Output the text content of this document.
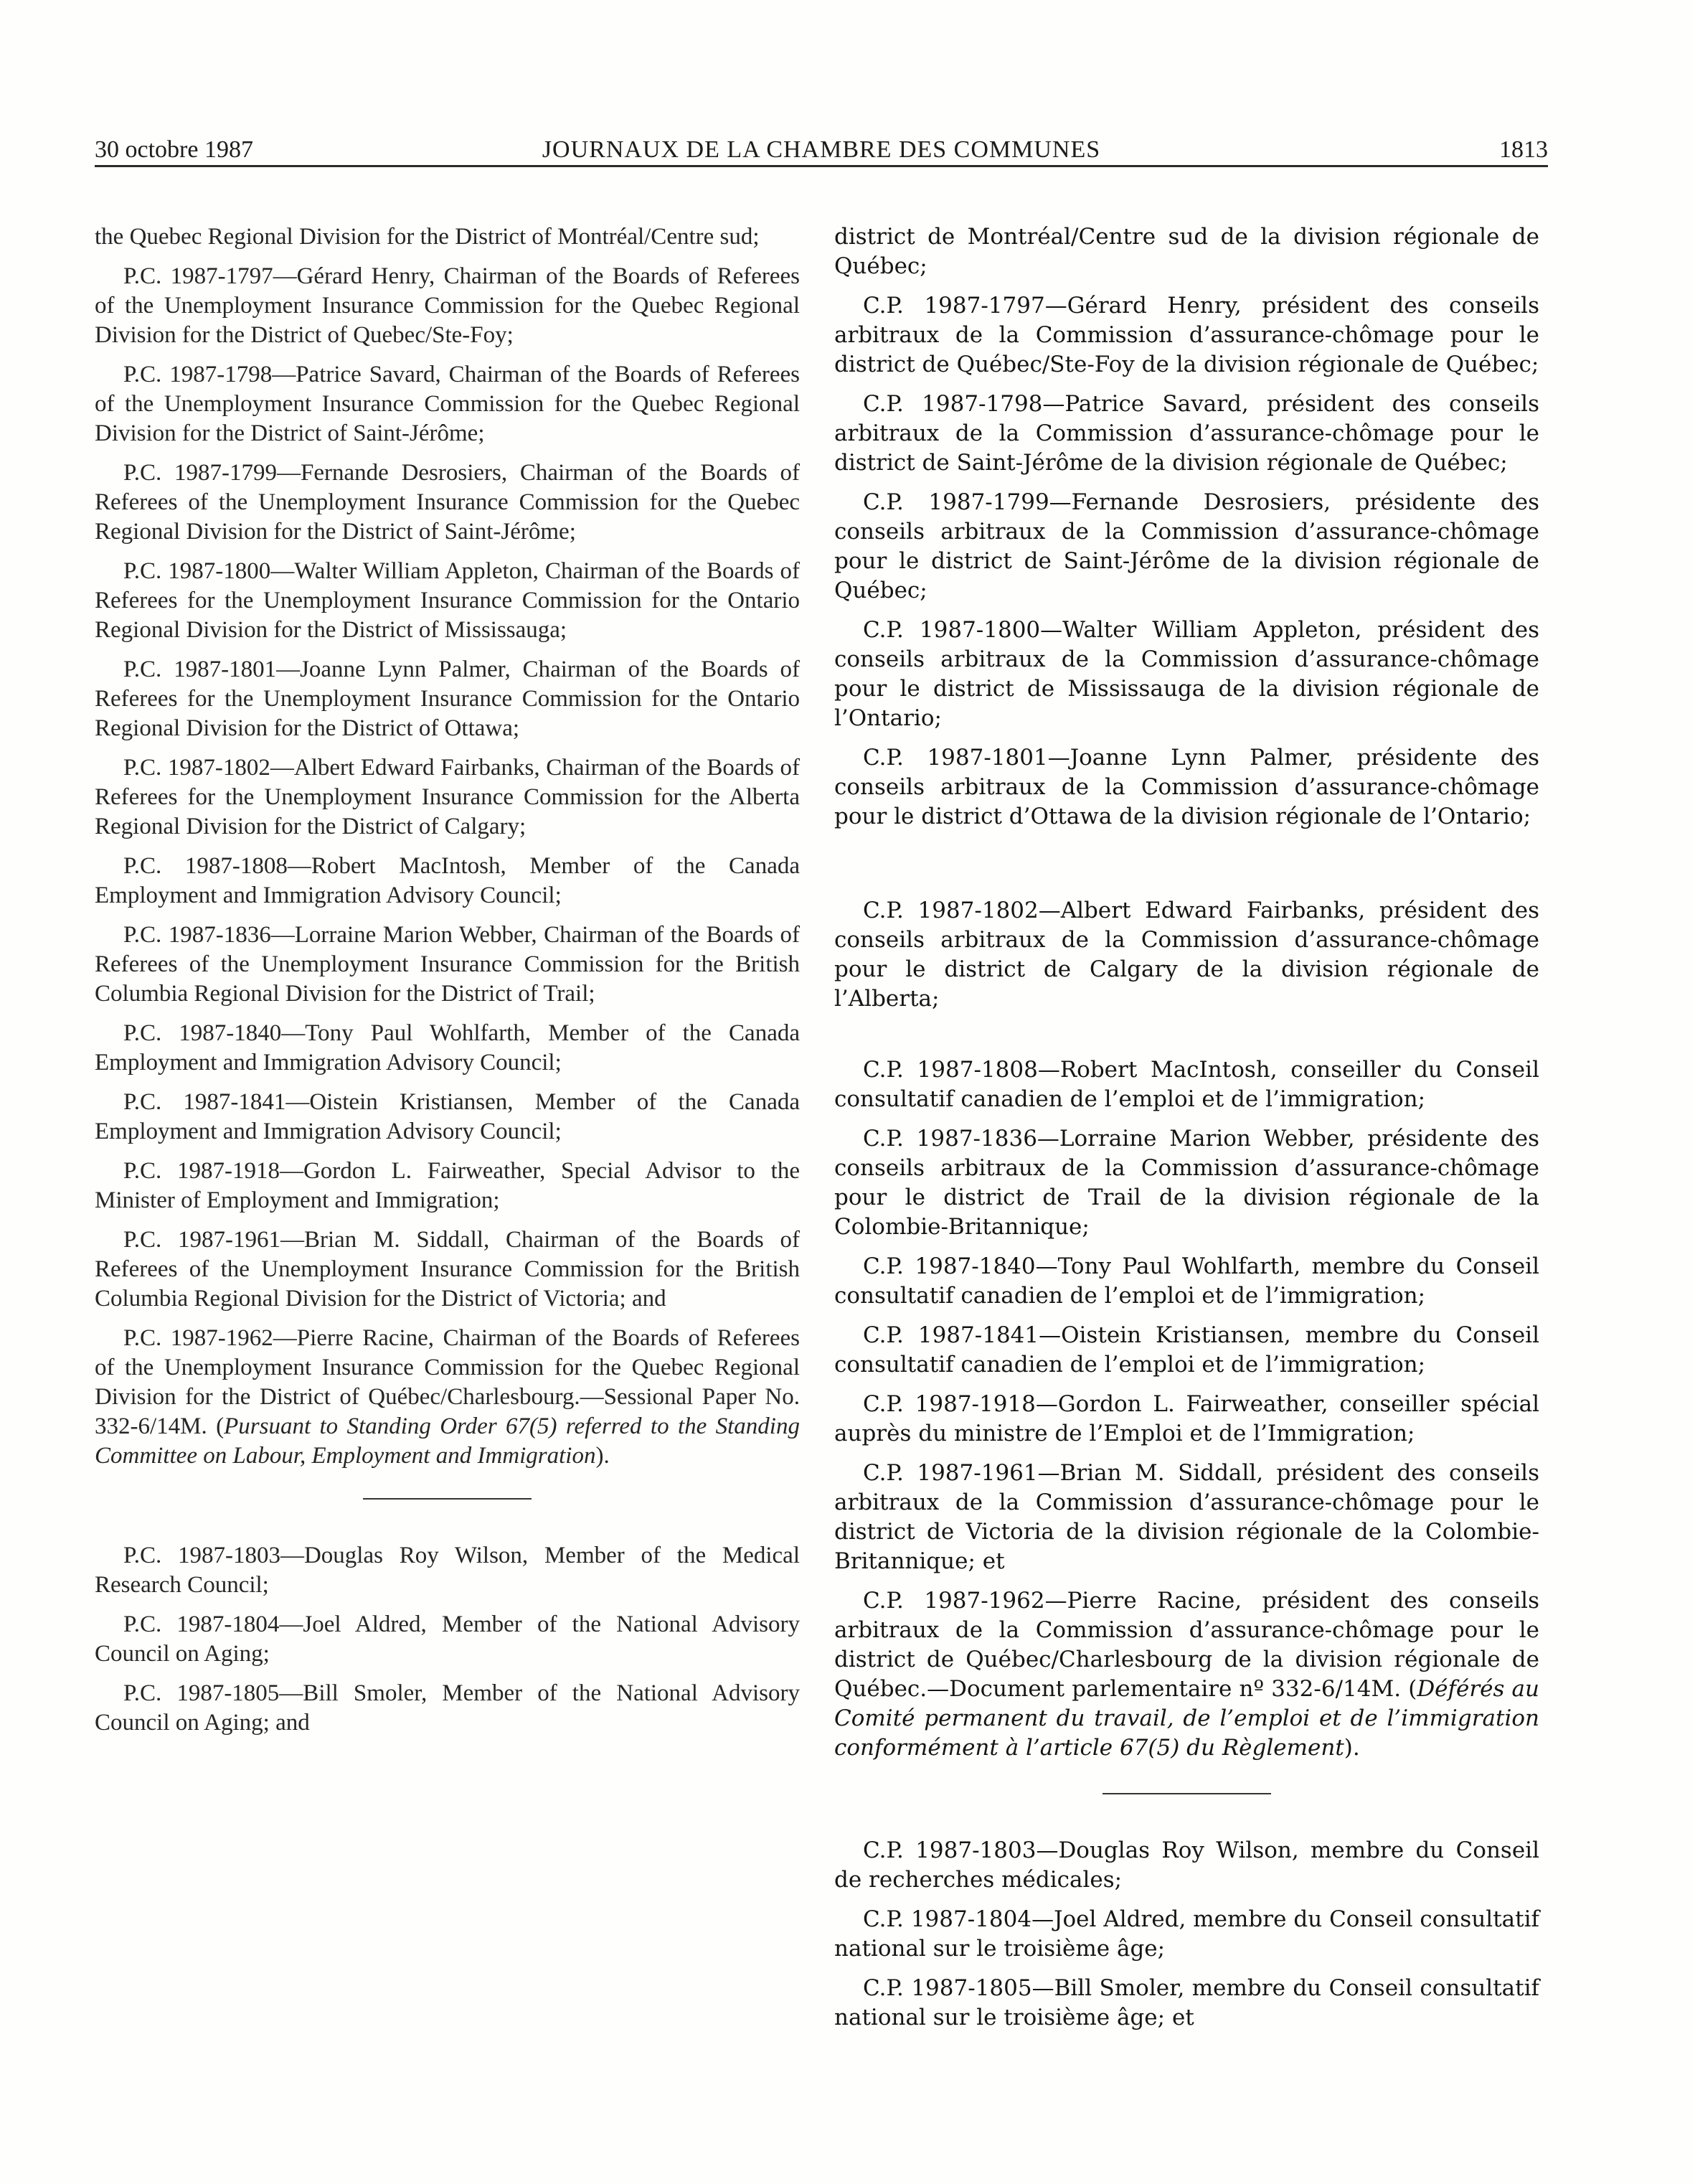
30 octobre 1987	JOURNAUX DE LA CHAMBRE DES COMMUNES	1813

the Quebec Regional Division for the District of Montréal/Centre sud;

P.C. 1987-1797—Gérard Henry, Chairman of the Boards of Referees of the Unemployment Insurance Commission for the Quebec Regional Division for the District of Quebec/Ste-Foy;

P.C. 1987-1798—Patrice Savard, Chairman of the Boards of Referees of the Unemployment Insurance Commission for the Quebec Regional Division for the District of Saint-Jérôme;

P.C. 1987-1799—Fernande Desrosiers, Chairman of the Boards of Referees of the Unemployment Insurance Commission for the Quebec Regional Division for the District of Saint-Jérôme;

P.C. 1987-1800—Walter William Appleton, Chairman of the Boards of Referees for the Unemployment Insurance Commission for the Ontario Regional Division for the District of Mississauga;

P.C. 1987-1801—Joanne Lynn Palmer, Chairman of the Boards of Referees for the Unemployment Insurance Commission for the Ontario Regional Division for the District of Ottawa;

P.C. 1987-1802—Albert Edward Fairbanks, Chairman of the Boards of Referees for the Unemployment Insurance Commission for the Alberta Regional Division for the District of Calgary;

P.C. 1987-1808—Robert MacIntosh, Member of the Canada Employment and Immigration Advisory Council;

P.C. 1987-1836—Lorraine Marion Webber, Chairman of the Boards of Referees of the Unemployment Insurance Commission for the British Columbia Regional Division for the District of Trail;

P.C. 1987-1840—Tony Paul Wohlfarth, Member of the Canada Employment and Immigration Advisory Council;

P.C. 1987-1841—Oistein Kristiansen, Member of the Canada Employment and Immigration Advisory Council;

P.C. 1987-1918—Gordon L. Fairweather, Special Advisor to the Minister of Employment and Immigration;

P.C. 1987-1961—Brian M. Siddall, Chairman of the Boards of Referees of the Unemployment Insurance Commission for the British Columbia Regional Division for the District of Victoria; and

P.C. 1987-1962—Pierre Racine, Chairman of the Boards of Referees of the Unemployment Insurance Commission for the Quebec Regional Division for the District of Québec/Charlesbourg.—Sessional Paper No. 332-6/14M. (Pursuant to Standing Order 67(5) referred to the Standing Committee on Labour, Employment and Immigration).

P.C. 1987-1803—Douglas Roy Wilson, Member of the Medical Research Council;

P.C. 1987-1804—Joel Aldred, Member of the National Advisory Council on Aging;

P.C. 1987-1805—Bill Smoler, Member of the National Advisory Council on Aging; and

district de Montréal/Centre sud de la division régionale de Québec;

C.P. 1987-1797—Gérard Henry, président des conseils arbitraux de la Commission d’assurance-chômage pour le district de Québec/Ste-Foy de la division régionale de Québec;

C.P. 1987-1798—Patrice Savard, président des conseils arbitraux de la Commission d’assurance-chômage pour le district de Saint-Jérôme de la division régionale de Québec;

C.P. 1987-1799—Fernande Desrosiers, présidente des conseils arbitraux de la Commission d’assurance-chômage pour le district de Saint-Jérôme de la division régionale de Québec;

C.P. 1987-1800—Walter William Appleton, président des conseils arbitraux de la Commission d’assurance-chômage pour le district de Mississauga de la division régionale de l’Ontario;

C.P. 1987-1801—Joanne Lynn Palmer, présidente des conseils arbitraux de la Commission d’assurance-chômage pour le district d’Ottawa de la division régionale de l’Ontario;

C.P. 1987-1802—Albert Edward Fairbanks, président des conseils arbitraux de la Commission d’assurance-chômage pour le district de Calgary de la division régionale de l’Alberta;

C.P. 1987-1808—Robert MacIntosh, conseiller du Conseil consultatif canadien de l’emploi et de l’immigration;

C.P. 1987-1836—Lorraine Marion Webber, présidente des conseils arbitraux de la Commission d’assurance-chômage pour le district de Trail de la division régionale de la Colombie-Britannique;

C.P. 1987-1840—Tony Paul Wohlfarth, membre du Conseil consultatif canadien de l’emploi et de l’immigration;

C.P. 1987-1841—Oistein Kristiansen, membre du Conseil consultatif canadien de l’emploi et de l’immigration;

C.P. 1987-1918—Gordon L. Fairweather, conseiller spécial auprès du ministre de l’Emploi et de l’Immigration;

C.P. 1987-1961—Brian M. Siddall, président des conseils arbitraux de la Commission d’assurance-chômage pour le district de Victoria de la division régionale de la Colombie-Britannique; et

C.P. 1987-1962—Pierre Racine, président des conseils arbitraux de la Commission d’assurance-chômage pour le district de Québec/Charlesbourg de la division régionale de Québec.—Document parlementaire nº 332-6/14M. (Déférés au Comité permanent du travail, de l’emploi et de l’immigration conformément à l’article 67(5) du Règlement).

C.P. 1987-1803—Douglas Roy Wilson, membre du Conseil de recherches médicales;

C.P. 1987-1804—Joel Aldred, membre du Conseil consultatif national sur le troisième âge;

C.P. 1987-1805—Bill Smoler, membre du Conseil consultatif national sur le troisième âge; et
